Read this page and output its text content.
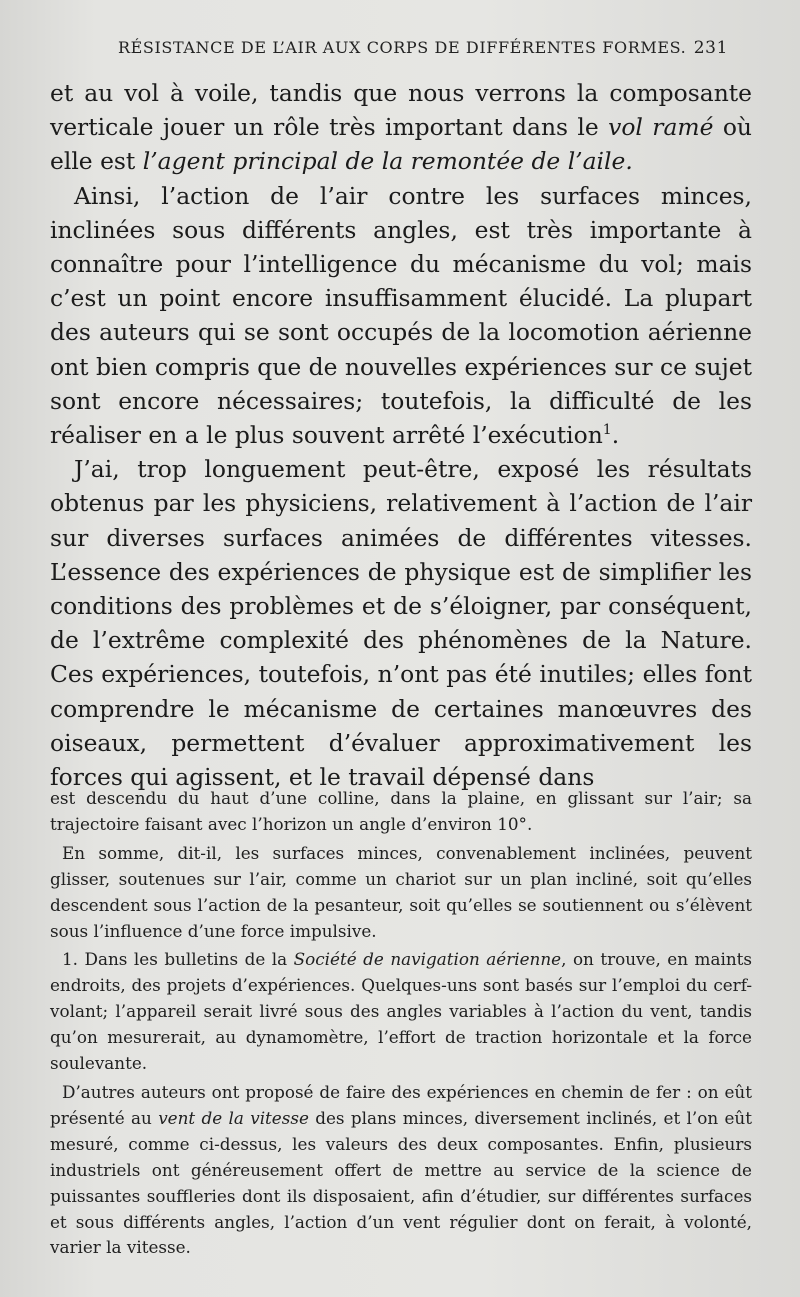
RÉSISTANCE DE L’AIR AUX CORPS DE DIFFÉRENTES FORMES. 231

et au vol à voile, tandis que nous verrons la composante verticale jouer un rôle très important dans le vol ramé où elle est l’agent principal de la remontée de l’aile.

Ainsi, l’action de l’air contre les surfaces minces, inclinées sous différents angles, est très importante à connaître pour l’intelligence du mécanisme du vol; mais c’est un point encore insuffisamment élucidé. La plupart des auteurs qui se sont occupés de la locomotion aérienne ont bien compris que de nouvelles expériences sur ce sujet sont encore nécessaires; toutefois, la difficulté de les réaliser en a le plus souvent arrêté l’exécution$^1$.

J’ai, trop longuement peut-être, exposé les résultats obtenus par les physiciens, relativement à l’action de l’air sur diverses surfaces animées de différentes vitesses. L’essence des expériences de physique est de simplifier les conditions des problèmes et de s’éloigner, par conséquent, de l’extrême complexité des phénomènes de la Nature. Ces expériences, toutefois, n’ont pas été inutiles; elles font comprendre le mécanisme de certaines manœuvres des oiseaux, permettent d’évaluer approximativement les forces qui agissent, et le travail dépensé dans

est descendu du haut d’une colline, dans la plaine, en glissant sur l’air; sa trajectoire faisant avec l’horizon un angle d’environ 10°.

En somme, dit-il, les surfaces minces, convenablement inclinées, peuvent glisser, soutenues sur l’air, comme un chariot sur un plan incliné, soit qu’elles descendent sous l’action de la pesanteur, soit qu’elles se soutiennent ou s’élèvent sous l’influence d’une force impulsive.

1. Dans les bulletins de la Société de navigation aérienne, on trouve, en maints endroits, des projets d’expériences. Quelques-uns sont basés sur l’emploi du cerf-volant; l’appareil serait livré sous des angles variables à l’action du vent, tandis qu’on mesurerait, au dynamomètre, l’effort de traction horizontale et la force soulevante.

D’autres auteurs ont proposé de faire des expériences en chemin de fer : on eût présenté au vent de la vitesse des plans minces, diversement inclinés, et l’on eût mesuré, comme ci-dessus, les valeurs des deux composantes. Enfin, plusieurs industriels ont généreusement offert de mettre au service de la science de puissantes souffleries dont ils disposaient, afin d’étudier, sur différentes surfaces et sous différents angles, l’action d’un vent régulier dont on ferait, à volonté, varier la vitesse.
